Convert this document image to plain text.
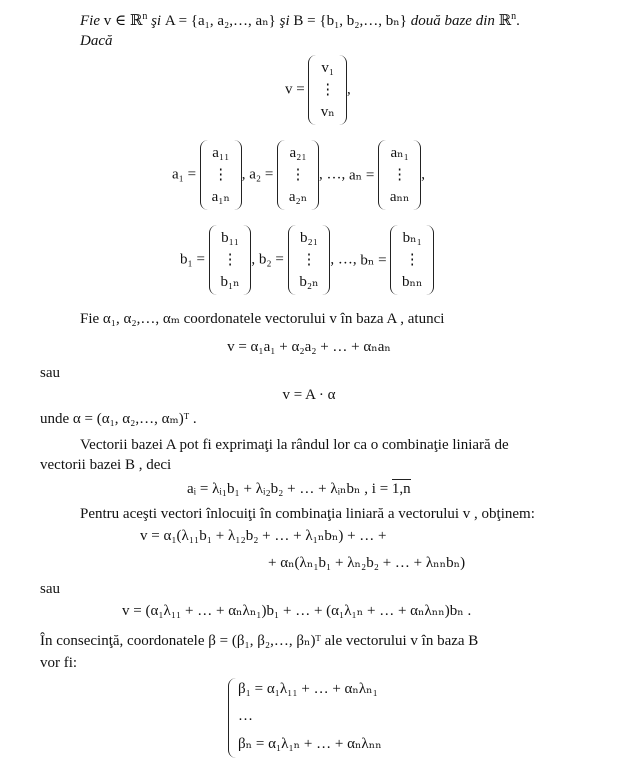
Fie v ∈ ℝ$^n$ şi A = {a₁, a₂,…, aₙ} şi B = {b₁, b₂,…, bₙ} două baze din ℝ$^n$.
Dacă
v =
v₁
⋮
vₙ
,
a₁ =
a₁₁
⋮
a₁ₙ
, a₂ =
a₂₁
⋮
a₂ₙ
, …, aₙ =
aₙ₁
⋮
aₙₙ
,
b₁ =
b₁₁
⋮
b₁ₙ
, b₂ =
b₂₁
⋮
b₂ₙ
, …, bₙ =
bₙ₁
⋮
bₙₙ

Fie α₁, α₂,…, αₘ coordonatele vectorului v în baza A , atunci
v = α₁a₁ + α₂a₂ + … + αₙaₙ
sau
v = A · α
unde α = (α₁, α₂,…, αₘ)ᵀ .
Vectorii bazei A pot fi exprimaţi la rândul lor ca o combinaţie liniară de
vectorii bazei B , deci
aᵢ = λᵢ₁b₁ + λᵢ₂b₂ + … + λᵢₙbₙ , i = 1,n
Pentru aceşti vectori înlocuiţi în combinaţia liniară a vectorului v , obţinem:
v = α₁(λ₁₁b₁ + λ₁₂b₂ + … + λ₁ₙbₙ) + … +
+ αₙ(λₙ₁b₁ + λₙ₂b₂ + … + λₙₙbₙ)
sau
v = (α₁λ₁₁ + … + αₙλₙ₁)b₁ + … + (α₁λ₁ₙ + … + αₙλₙₙ)bₙ .
În consecinţă, coordonatele β = (β₁, β₂,…, βₙ)ᵀ ale vectorului v în baza B
vor fi:
β₁ = α₁λ₁₁ + … + αₙλₙ₁
…
βₙ = α₁λ₁ₙ + … + αₙλₙₙ
